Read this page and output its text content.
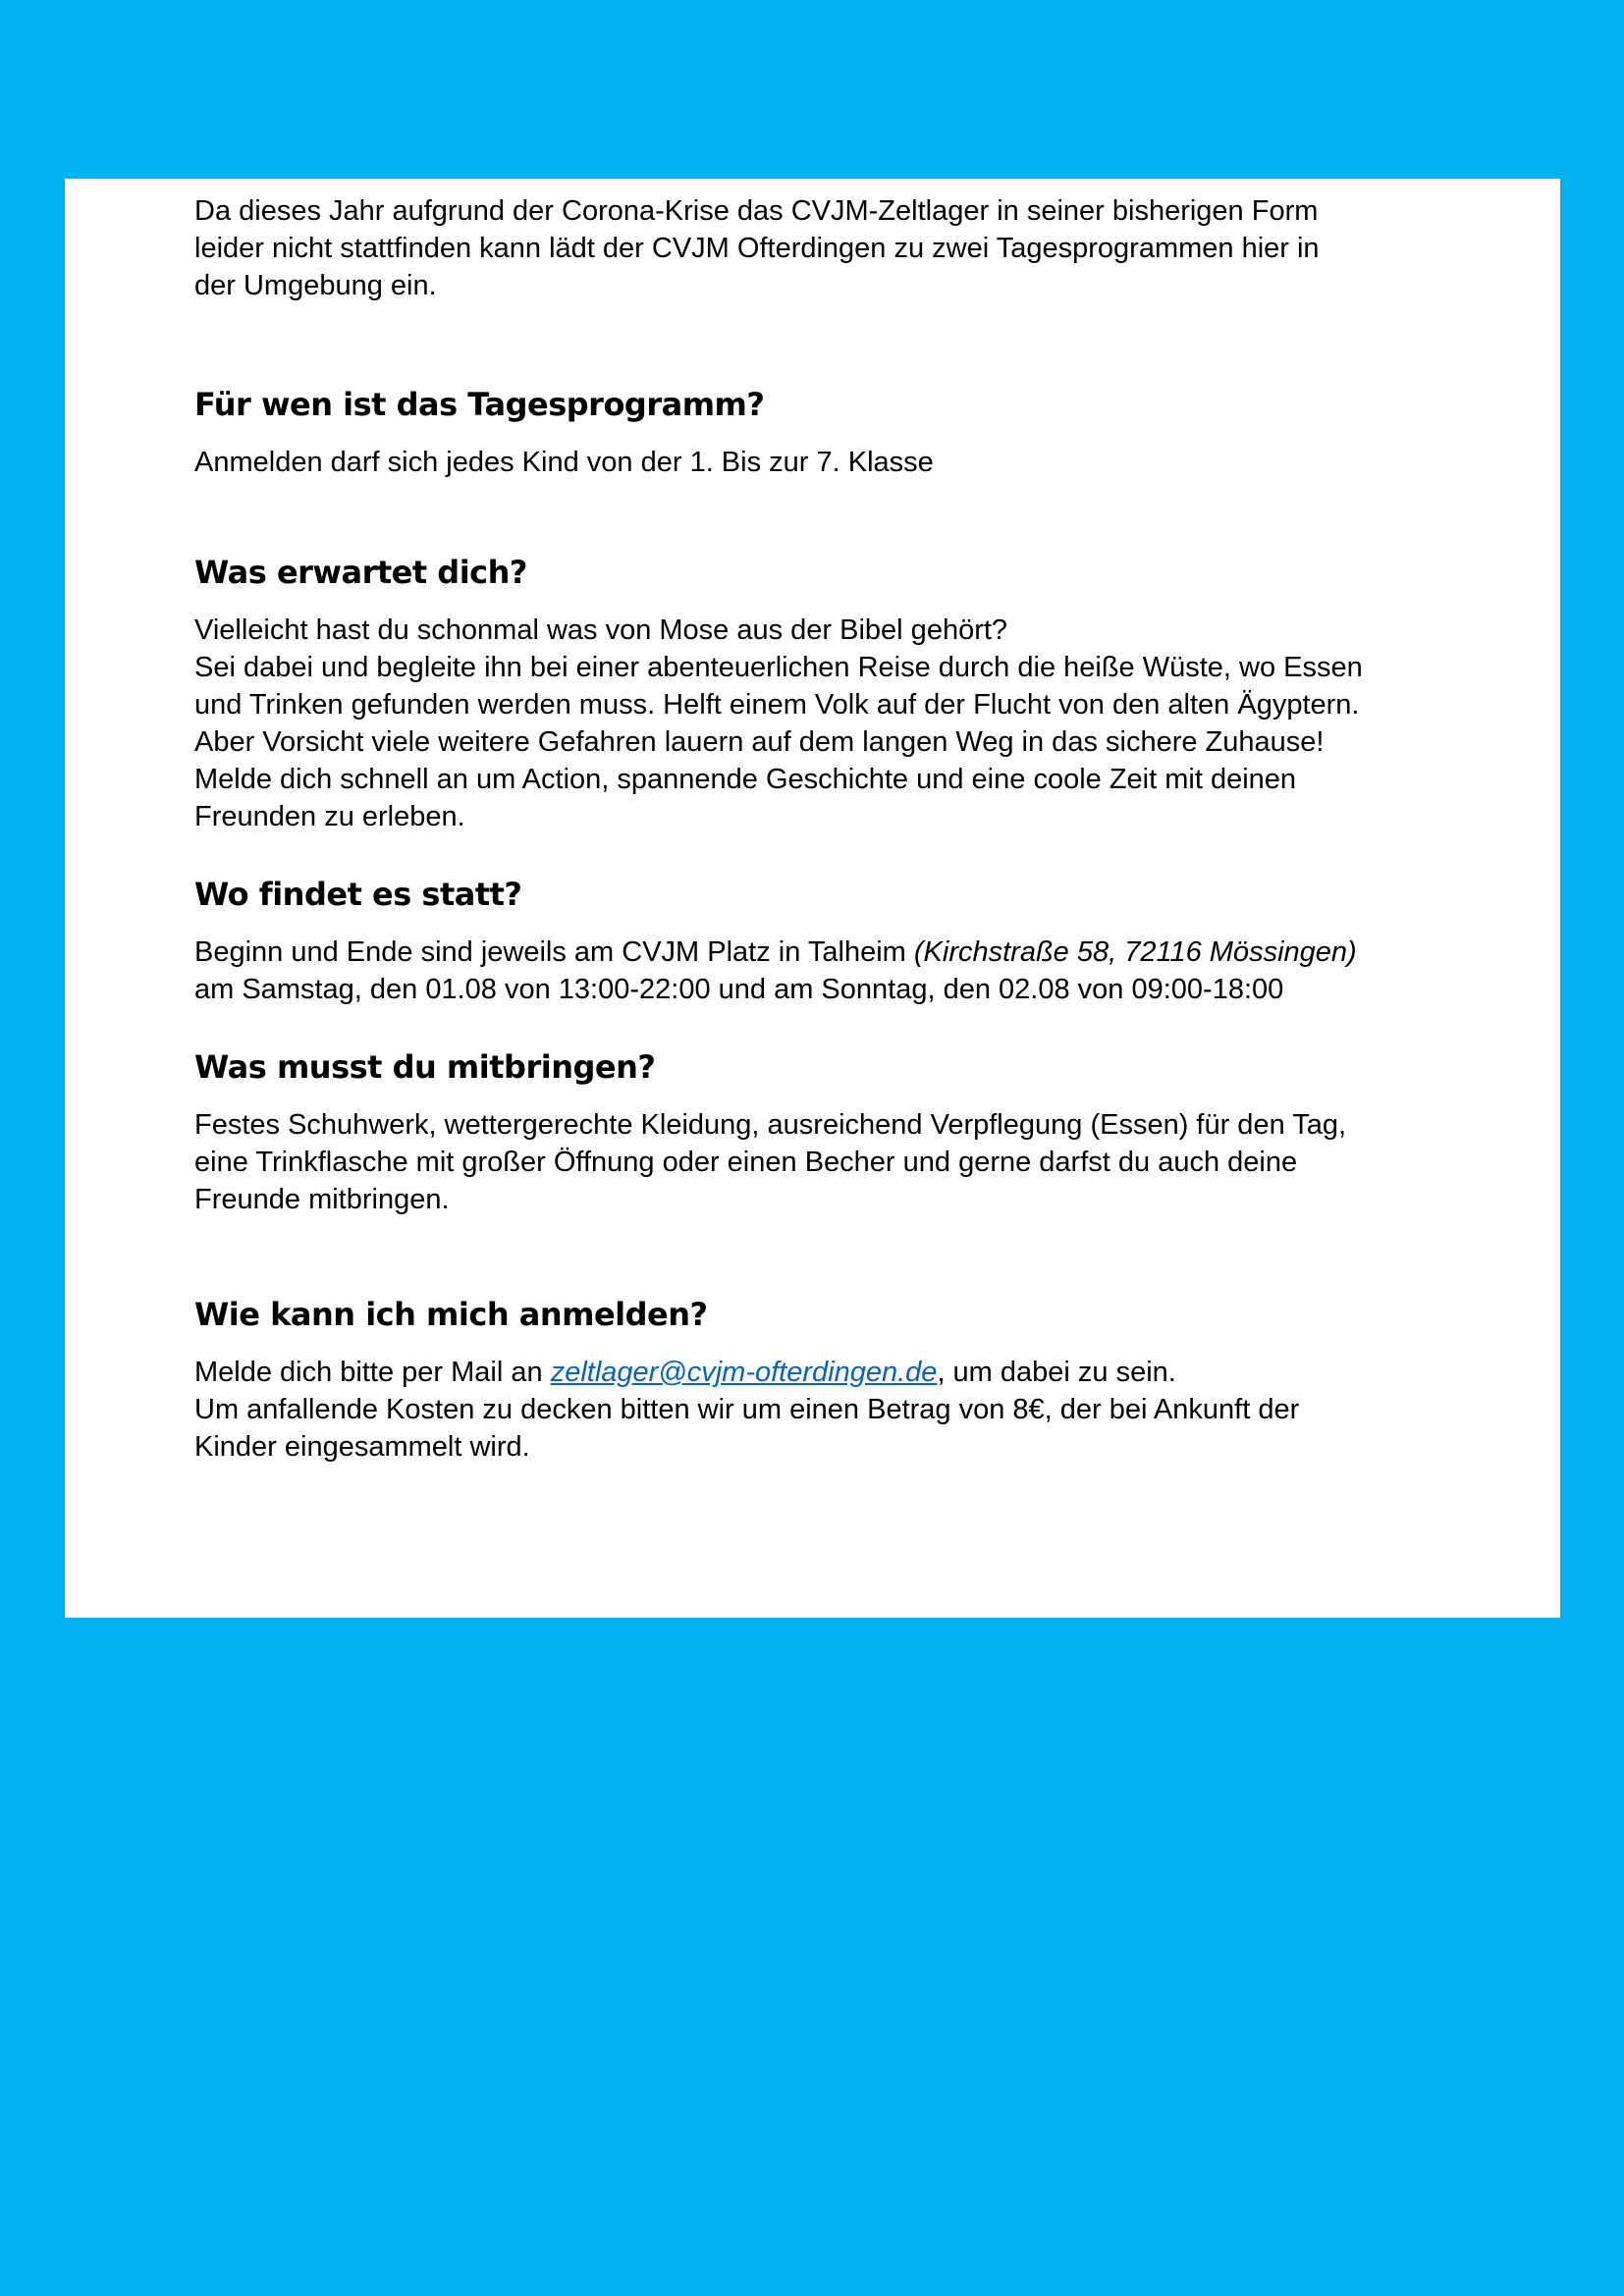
Da dieses Jahr aufgrund der Corona-Krise das CVJM-Zeltlager in seiner bisherigen Form
leider nicht stattfinden kann lädt der CVJM Ofterdingen zu zwei Tagesprogrammen hier in
der Umgebung ein.

Für wen ist das Tagesprogramm?

Anmelden darf sich jedes Kind von der 1. Bis zur 7. Klasse

Was erwartet dich?

Vielleicht hast du schonmal was von Mose aus der Bibel gehört?
Sei dabei und begleite ihn bei einer abenteuerlichen Reise durch die heiße Wüste, wo Essen
und Trinken gefunden werden muss. Helft einem Volk auf der Flucht von den alten Ägyptern.
Aber Vorsicht viele weitere Gefahren lauern auf dem langen Weg in das sichere Zuhause!
Melde dich schnell an um Action, spannende Geschichte und eine coole Zeit mit deinen
Freunden zu erleben.

Wo findet es statt?

Beginn und Ende sind jeweils am CVJM Platz in Talheim (Kirchstraße 58, 72116 Mössingen)
am Samstag, den 01.08 von 13:00-22:00 und am Sonntag, den 02.08 von 09:00-18:00

Was musst du mitbringen?

Festes Schuhwerk, wettergerechte Kleidung, ausreichend Verpflegung (Essen) für den Tag,
eine Trinkflasche mit großer Öffnung oder einen Becher und gerne darfst du auch deine
Freunde mitbringen.

Wie kann ich mich anmelden?

Melde dich bitte per Mail an zeltlager@cvjm-ofterdingen.de, um dabei zu sein.
Um anfallende Kosten zu decken bitten wir um einen Betrag von 8€, der bei Ankunft der
Kinder eingesammelt wird.
